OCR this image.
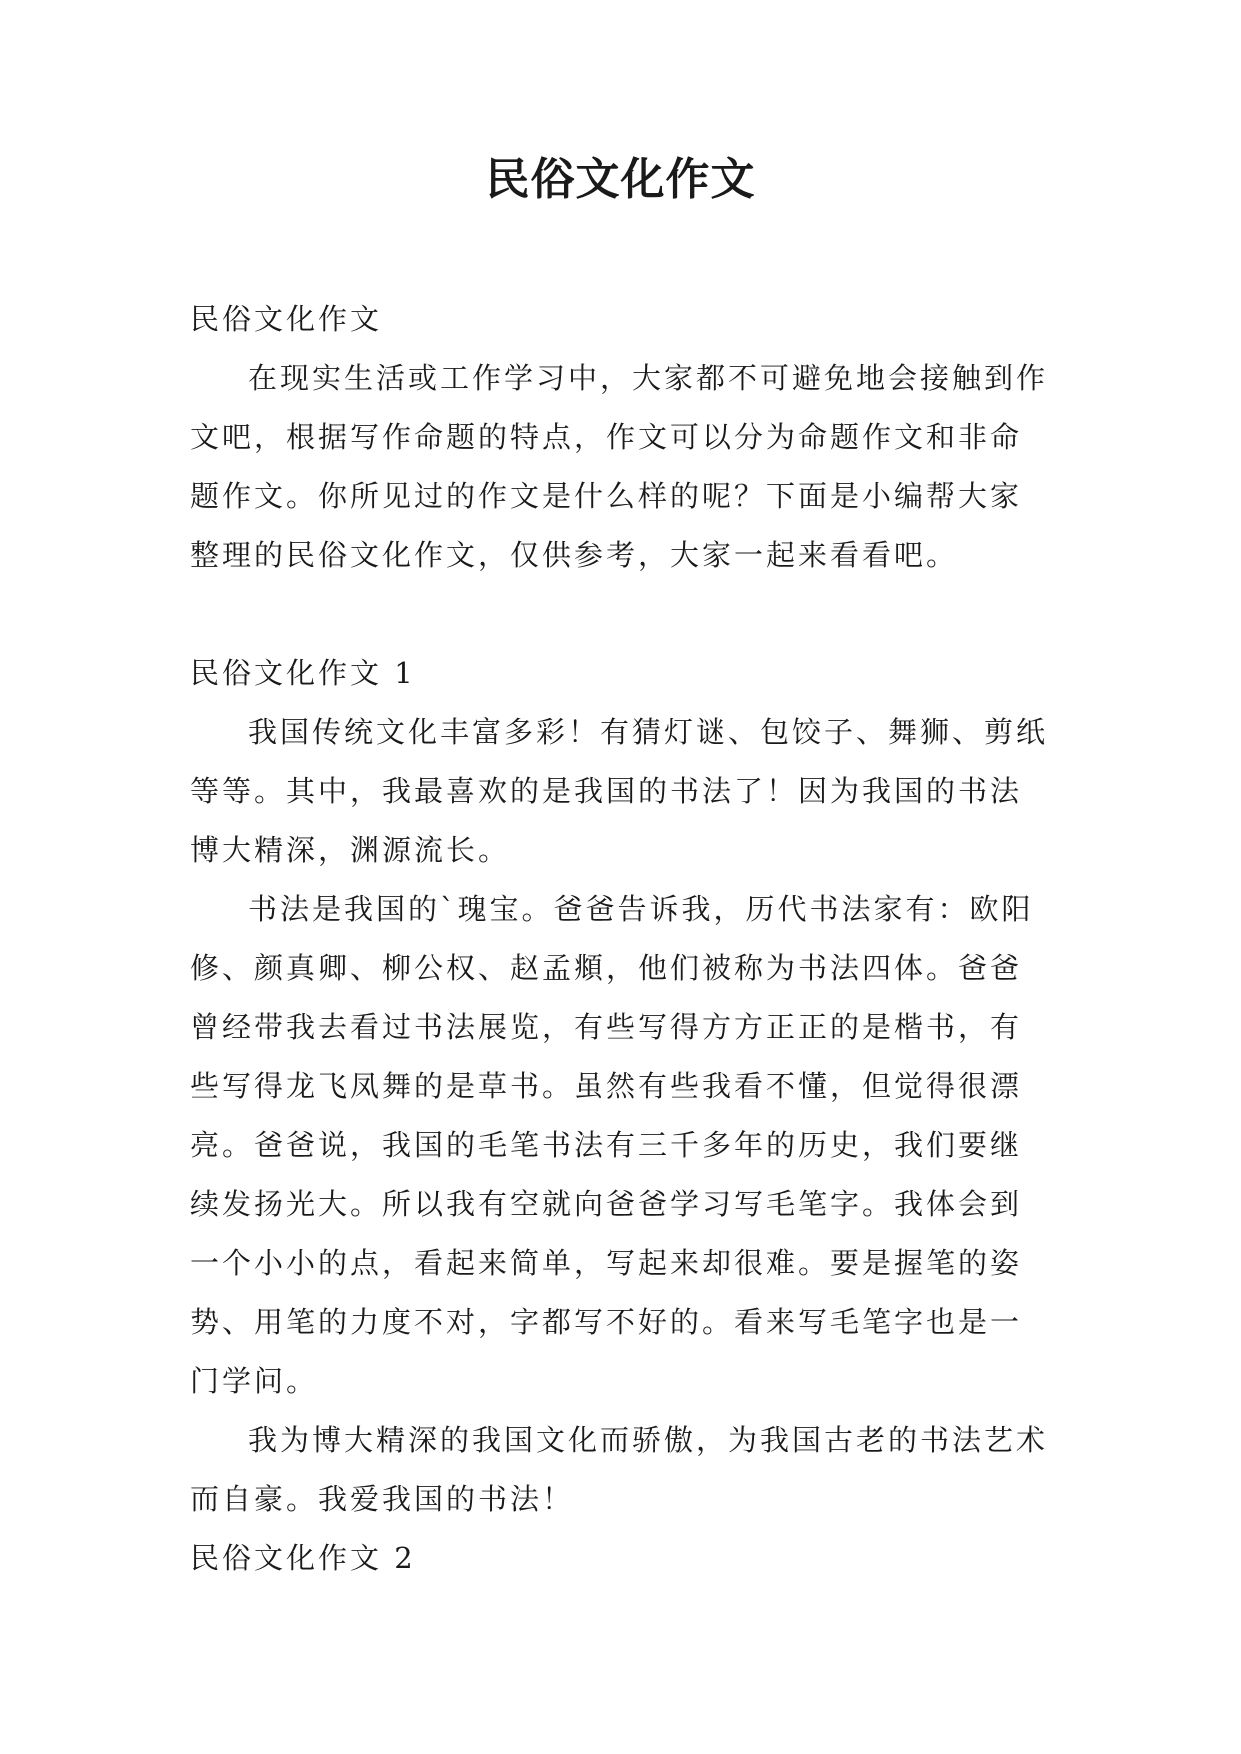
民俗文化作文

民俗文化作文

在现实生活或工作学习中，大家都不可避免地会接触到作文吧，根据写作命题的特点，作文可以分为命题作文和非命题作文。你所见过的作文是什么样的呢？下面是小编帮大家整理的民俗文化作文，仅供参考，大家一起来看看吧。

民俗文化作文 1

我国传统文化丰富多彩！有猜灯谜、包饺子、舞狮、剪纸等等。其中，我最喜欢的是我国的书法了！因为我国的书法博大精深，渊源流长。

书法是我国的`瑰宝。爸爸告诉我，历代书法家有：欧阳修、颜真卿、柳公权、赵孟頫，他们被称为书法四体。爸爸曾经带我去看过书法展览，有些写得方方正正的是楷书，有些写得龙飞凤舞的是草书。虽然有些我看不懂，但觉得很漂亮。爸爸说，我国的毛笔书法有三千多年的历史，我们要继续发扬光大。所以我有空就向爸爸学习写毛笔字。我体会到一个小小的点，看起来简单，写起来却很难。要是握笔的姿势、用笔的力度不对，字都写不好的。看来写毛笔字也是一门学问。

我为博大精深的我国文化而骄傲，为我国古老的书法艺术而自豪。我爱我国的书法！

民俗文化作文 2
